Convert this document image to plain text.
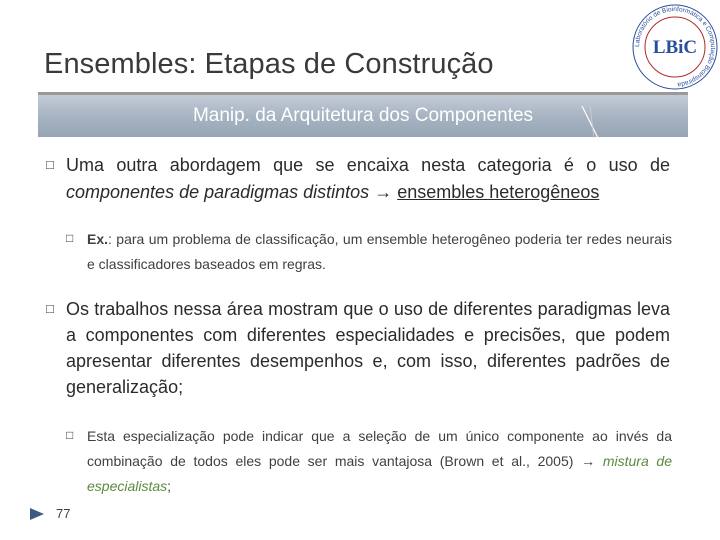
Ensembles: Etapas de Construção
Manip. da Arquitetura dos Componentes
Laboratório de Bioinformática e Computação Bioinspirada
LBiC
□ Uma outra abordagem que se encaixa nesta categoria é o uso de componentes de paradigmas distintos → ensembles heterogêneos
□ Ex.: para um problema de classificação, um ensemble heterogêneo poderia ter redes neurais e classificadores baseados em regras.
□ Os trabalhos nessa área mostram que o uso de diferentes paradigmas leva a componentes com diferentes especialidades e precisões, que podem apresentar diferentes desempenhos e, com isso, diferentes padrões de generalização;
□ Esta especialização pode indicar que a seleção de um único componente ao invés da combinação de todos eles pode ser mais vantajosa (Brown et al., 2005) → mistura de especialistas;
77
